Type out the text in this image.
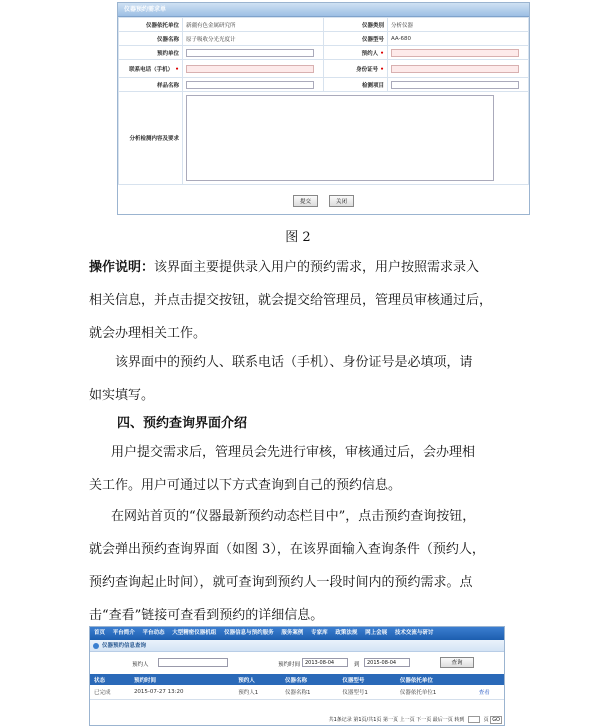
仪器预约需求单
仪器依托单位	新疆有色金属研究所	仪器类别	分析仪器
仪器名称	原子吸收分光光度计	仪器型号	AA-680
预约单位		预约人 •	
联系电话（手机） •		身份证号 •	
样品名称		检测项目	
分析检测内容及要求			
提交	关闭
图 2
操作说明：该界面主要提供录入用户的预约需求，用户按照需求录入
相关信息，并点击提交按钮，就会提交给管理员，管理员审核通过后，
就会办理相关工作。
该界面中的预约人、联系电话（手机）、身份证号是必填项，请
如实填写。
四、预约查询界面介绍
用户提交需求后，管理员会先进行审核，审核通过后，会办理相
关工作。用户可通过以下方式查询到自己的预约信息。
在网站首页的“仪器最新预约动态栏目中”，点击预约查询按钮，
就会弹出预约查询界面（如图 3），在该界面输入查询条件（预约人，
预约查询起止时间），就可查询到预约人一段时间内的预约需求。点
击“查看”链接可查看到预约的详细信息。
首页 平台简介 平台动态 大型精密仪器机组 仪器信息与预约服务 服务案例 专家库 政策法规 网上会展 技术交流与研讨
仪器预约信息查询
预约人	预约时间 2013-08-04	到	2015-08-04	查询
状态	预约时间	预约人	仪器名称	仪器型号	仪器依托单位	
已完成	2015-07-27 13:20	预约人1	仪器名称1	仪器型号1	仪器依托单位1	查看
共1条记录 第1页/共1页 第一页 上一页 下一页 最后一页 转到	页 GO
